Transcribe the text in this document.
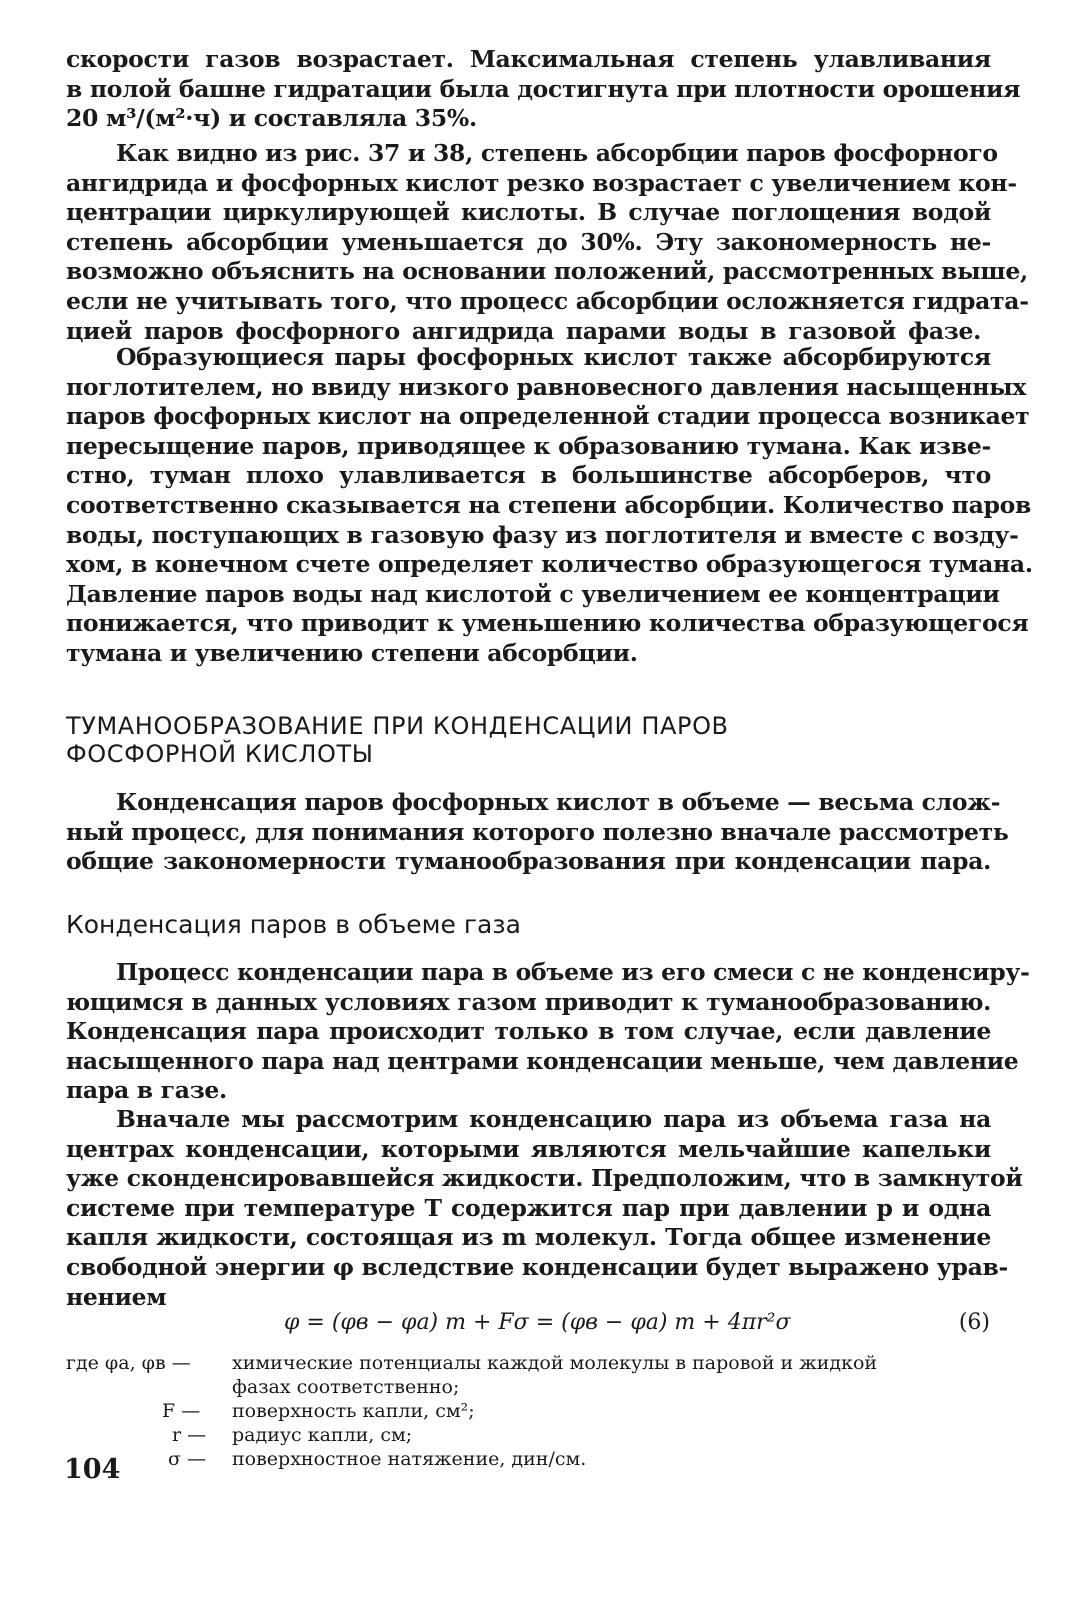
скорости газов возрастает. Максимальная степень улавливания
в полой башне гидратации была достигнута при плотности орошения
20 м³/(м²·ч) и составляла 35%.
Как видно из рис. 37 и 38, степень абсорбции паров фосфорного
ангидрида и фосфорных кислот резко возрастает с увеличением кон-
центрации циркулирующей кислоты. В случае поглощения водой
степень абсорбции уменьшается до 30%. Эту закономерность не-
возможно объяснить на основании положений, рассмотренных выше,
если не учитывать того, что процесс абсорбции осложняется гидрата-
цией паров фосфорного ангидрида парами воды в газовой фазе.
Образующиеся пары фосфорных кислот также абсорбируются
поглотителем, но ввиду низкого равновесного давления насыщенных
паров фосфорных кислот на определенной стадии процесса возникает
пересыщение паров, приводящее к образованию тумана. Как изве-
стно, туман плохо улавливается в большинстве абсорберов, что
соответственно сказывается на степени абсорбции. Количество паров
воды, поступающих в газовую фазу из поглотителя и вместе с возду-
хом, в конечном счете определяет количество образующегося тумана.
Давление паров воды над кислотой с увеличением ее концентрации
понижается, что приводит к уменьшению количества образующегося
тумана и увеличению степени абсорбции.
ТУМАНООБРАЗОВАНИЕ ПРИ КОНДЕНСАЦИИ ПАРОВ
ФОСФОРНОЙ КИСЛОТЫ
Конденсация паров фосфорных кислот в объеме — весьма слож-
ный процесс, для понимания которого полезно вначале рассмотреть
общие закономерности туманообразования при конденсации пара.
Конденсация паров в объеме газа
Процесс конденсации пара в объеме из его смеси с не конденсиру-
ющимся в данных условиях газом приводит к туманообразованию.
Конденсация пара происходит только в том случае, если давление
насыщенного пара над центрами конденсации меньше, чем давление
пара в газе.
Вначале мы рассмотрим конденсацию пара из объема газа на
центрах конденсации, которыми являются мельчайшие капельки
уже сконденсировавшейся жидкости. Предположим, что в замкнутой
системе при температуре T содержится пар при давлении p и одна
капля жидкости, состоящая из m молекул. Тогда общее изменение
свободной энергии φ вследствие конденсации будет выражено урав-
нением
φ = (φв − φa) m + Fσ = (φв − φa) m + 4πr²σ	(6)
где φa, φв — химические потенциалы каждой молекулы в паровой и жидкой
фазах соответственно;
F — поверхность капли, см²;
r — радиус капли, см;
σ — поверхностное натяжение, дин/см.
104
